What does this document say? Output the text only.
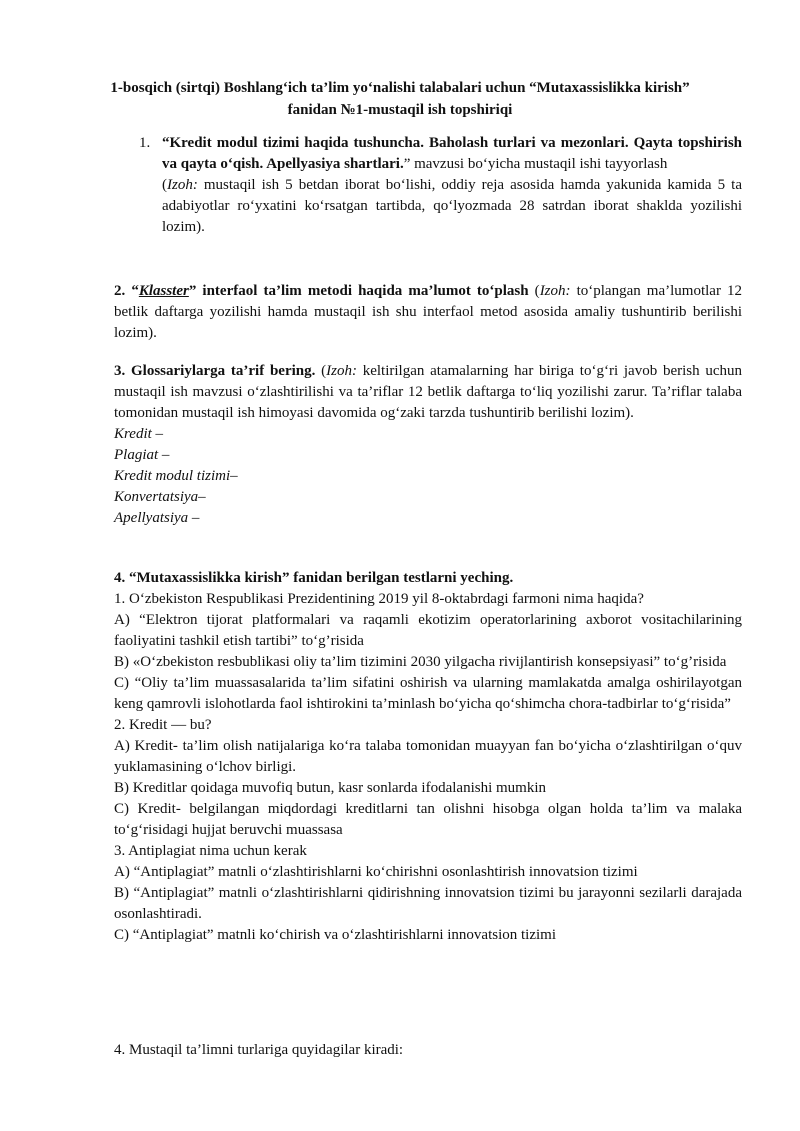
1-bosqich (sirtqi) Boshlang‘ich ta’lim yo‘nalishi talabalari uchun “Mutaxassislikka kirish”
fanidan №1-mustaqil ish topshiriqi
1. “Kredit modul tizimi haqida tushuncha. Baholash turlari va mezonlari. Qayta topshirish va qayta o‘qish. Apellyasiya shartlari.” mavzusi bo‘yicha mustaqil ishi tayyorlash
(Izoh: mustaqil ish 5 betdan iborat bo‘lishi, oddiy reja asosida hamda yakunida kamida 5 ta adabiyotlar ro‘yxatini ko‘rsatgan tartibda, qo‘lyozmada 28 satrdan iborat shaklda yozilishi lozim).
2. “Klasster” interfaol ta’lim metodi haqida ma’lumot to‘plash (Izoh: to‘plangan ma’lumotlar 12 betlik daftarga yozilishi hamda mustaqil ish shu interfaol metod asosida amaliy tushuntirib berilishi lozim).
3. Glossariylarga ta’rif bering. (Izoh: keltirilgan atamalarning har biriga to‘g‘ri javob berish uchun mustaqil ish mavzusi o‘zlashtirilishi va ta’riflar 12 betlik daftarga to‘liq yozilishi zarur. Ta’riflar talaba tomonidan mustaqil ish himoyasi davomida og‘zaki tarzda tushuntirib berilishi lozim).
Kredit –
Plagiat –
Kredit modul tizimi–
Konvertatsiya–
Apellyatsiya –
4. “Mutaxassislikka kirish” fanidan berilgan testlarni yeching.
1. O‘zbekiston Respublikasi Prezidentining 2019 yil 8-oktabrdagi farmoni nima haqida?
A) “Elektron tijorat platformalari va raqamli ekotizim operatorlarining axborot vositachilarining faoliyatini tashkil etish tartibi” to‘g’risida
B) «O‘zbekiston resbublikasi oliy ta’lim tizimini 2030 yilgacha rivijlantirish konsepsiyasi” to‘g’risida
C) “Oliy ta’lim muassasalarida ta’lim sifatini oshirish va ularning mamlakatda amalga oshirilayotgan keng qamrovli islohotlarda faol ishtirokini ta’minlash bo‘yicha qo‘shimcha chora-tadbirlar to‘g‘risida”
2. Kredit — bu?
A) Kredit- ta’lim olish natijalariga ko‘ra talaba tomonidan muayyan fan bo‘yicha o‘zlashtirilgan o‘quv yuklamasining o‘lchov birligi.
B) Kreditlar qoidaga muvofiq butun, kasr sonlarda ifodalanishi mumkin
C) Kredit- belgilangan miqdordagi kreditlarni tan olishni hisobga olgan holda ta’lim va malaka to‘g‘risidagi hujjat beruvchi muassasa
3. Antiplagiat nima uchun kerak
A) “Antiplagiat” matnli o‘zlashtirishlarni ko‘chirishni osonlashtirish innovatsion tizimi
B) “Antiplagiat” matnli o‘zlashtirishlarni qidirishning innovatsion tizimi bu jarayonni sezilarli darajada osonlashtiradi.
C) “Antiplagiat” matnli ko‘chirish va o‘zlashtirishlarni innovatsion tizimi
4. Mustaqil ta’limni turlariga quyidagilar kiradi:
